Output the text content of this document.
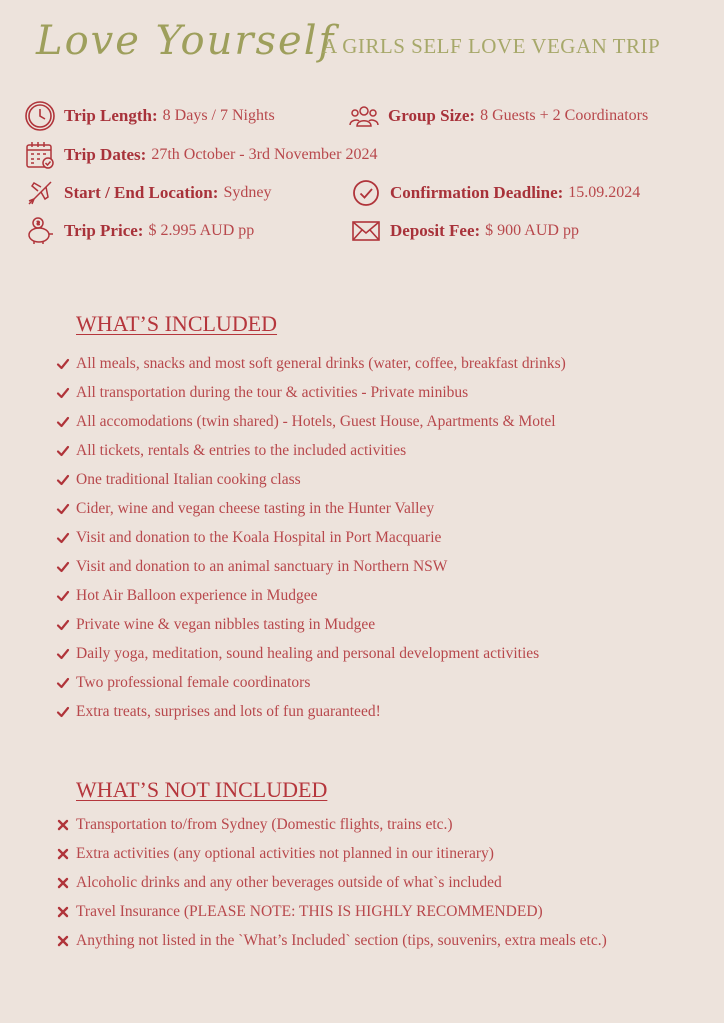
Love Yourself
A GIRLS SELF LOVE VEGAN TRIP
Trip Length: 8 Days / 7 Nights	Group Size: 8 Guests + 2 Coordinators
Trip Dates: 27th October - 3rd November 2024
Start / End Location: Sydney	Confirmation Deadline: 15.09.2024
Trip Price: $ 2.995 AUD pp	Deposit Fee: $ 900 AUD pp
WHAT’S INCLUDED
All meals, snacks and most soft general drinks (water, coffee, breakfast drinks)
All transportation during the tour & activities - Private minibus
All accomodations (twin shared) - Hotels, Guest House, Apartments & Motel
All tickets, rentals & entries to the included activities
One traditional Italian cooking class
Cider, wine and vegan cheese tasting in the Hunter Valley
Visit and donation to the Koala Hospital in Port Macquarie
Visit and donation to an animal sanctuary in Northern NSW
Hot Air Balloon experience in Mudgee
Private wine & vegan nibbles tasting in Mudgee
Daily yoga, meditation, sound healing and personal development activities
Two professional female coordinators
Extra treats, surprises and lots of fun guaranteed!
WHAT’S NOT INCLUDED
Transportation to/from Sydney (Domestic flights, trains etc.)
Extra activities (any optional activities not planned in our itinerary)
Alcoholic drinks and any other beverages outside of what`s included
Travel Insurance (PLEASE NOTE: THIS IS HIGHLY RECOMMENDED)
Anything not listed in the `What’s Included` section (tips, souvenirs, extra meals etc.)
